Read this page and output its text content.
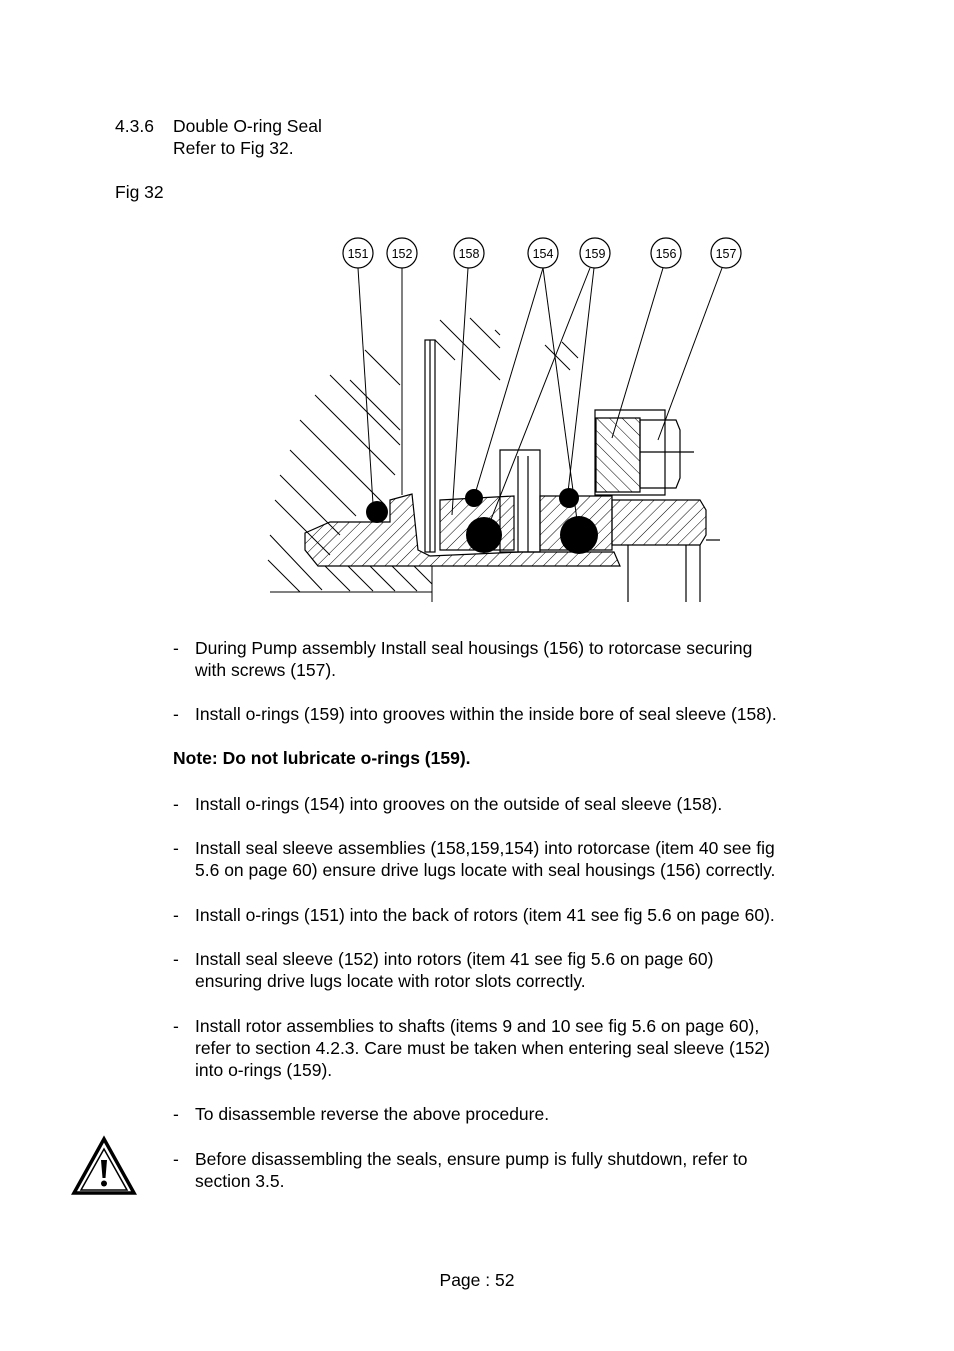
4.3.6 Double O-ring Seal
Refer to Fig 32.
Fig 32
151 152	158	154 159	156	157
- During Pump assembly Install seal housings (156) to rotorcase securing
with screws (157).
- Install o-rings (159) into grooves within the inside bore of seal sleeve (158).
Note: Do not lubricate o-rings (159).
- Install o-rings (154) into grooves on the outside of seal sleeve (158).
- Install seal sleeve assemblies (158,159,154) into rotorcase (item 40 see fig
5.6 on page 60) ensure drive lugs locate with seal housings (156) correctly.
- Install o-rings (151) into the back of rotors (item 41 see fig 5.6 on page 60).
- Install seal sleeve (152) into rotors (item 41 see fig 5.6 on page 60)
ensuring drive lugs locate with rotor slots correctly.
- Install rotor assemblies to shafts (items 9 and 10 see fig 5.6 on page 60),
refer to section 4.2.3. Care must be taken when entering seal sleeve (152)
into o-rings (159).
- To disassemble reverse the above procedure.
- Before disassembling the seals, ensure pump is fully shutdown, refer to
section 3.5.
Page : 52
